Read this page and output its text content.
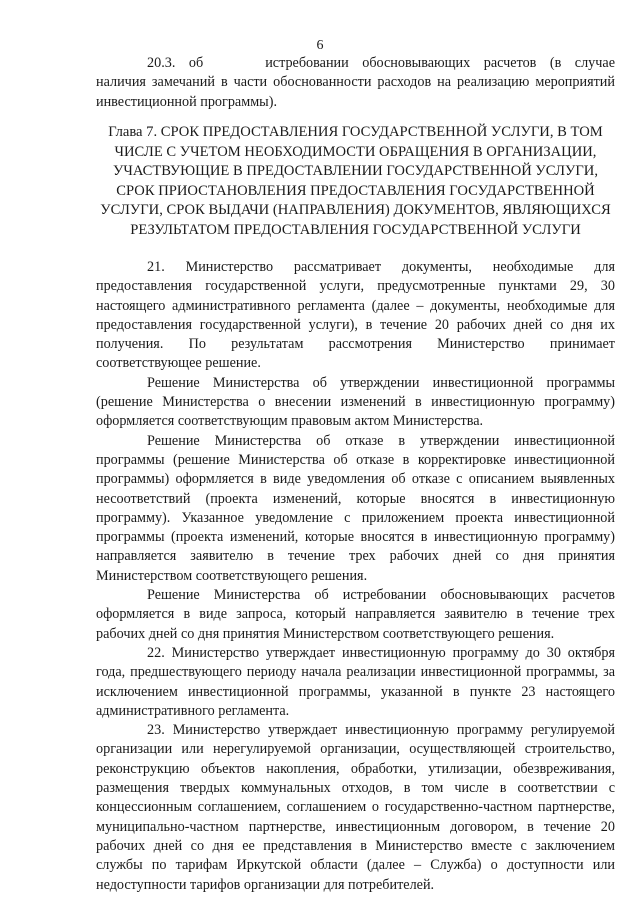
6

20.3. об	истребовании обосновывающих расчетов (в случае наличия замечаний в части обоснованности расходов на реализацию мероприятий инвестиционной программы).

Глава 7. СРОК ПРЕДОСТАВЛЕНИЯ ГОСУДАРСТВЕННОЙ УСЛУГИ, В ТОМ ЧИСЛЕ С УЧЕТОМ НЕОБХОДИМОСТИ ОБРАЩЕНИЯ В ОРГАНИЗАЦИИ, УЧАСТВУЮЩИЕ В ПРЕДОСТАВЛЕНИИ ГОСУДАРСТВЕННОЙ УСЛУГИ, СРОК ПРИОСТАНОВЛЕНИЯ ПРЕДОСТАВЛЕНИЯ ГОСУДАРСТВЕННОЙ УСЛУГИ, СРОК ВЫДАЧИ (НАПРАВЛЕНИЯ) ДОКУМЕНТОВ, ЯВЛЯЮЩИХСЯ РЕЗУЛЬТАТОМ ПРЕДОСТАВЛЕНИЯ ГОСУДАРСТВЕННОЙ УСЛУГИ

21. Министерство рассматривает документы, необходимые для предоставления государственной услуги, предусмотренные пунктами 29, 30 настоящего административного регламента (далее – документы, необходимые для предоставления государственной услуги), в течение 20 рабочих дней со дня их получения. По результатам рассмотрения Министерство принимает соответствующее решение.

Решение Министерства об утверждении инвестиционной программы (решение Министерства о внесении изменений в инвестиционную программу) оформляется соответствующим правовым актом Министерства.

Решение Министерства об отказе в утверждении инвестиционной программы (решение Министерства об отказе в корректировке инвестиционной программы) оформляется в виде уведомления об отказе с описанием выявленных несоответствий (проекта изменений, которые вносятся в инвестиционную программу). Указанное уведомление с приложением проекта инвестиционной программы (проекта изменений, которые вносятся в инвестиционную программу) направляется заявителю в течение трех рабочих дней со дня принятия Министерством соответствующего решения.

Решение Министерства об истребовании обосновывающих расчетов оформляется в виде запроса, который направляется заявителю в течение трех рабочих дней со дня принятия Министерством соответствующего решения.

22. Министерство утверждает инвестиционную программу до 30 октября года, предшествующего периоду начала реализации инвестиционной программы, за исключением инвестиционной программы, указанной в пункте 23 настоящего административного регламента.

23. Министерство утверждает инвестиционную программу регулируемой организации или нерегулируемой организации, осуществляющей строительство, реконструкцию объектов накопления, обработки, утилизации, обезвреживания, размещения твердых коммунальных отходов, в том числе в соответствии с концессионным соглашением, соглашением о государственно-частном партнерстве, муниципально-частном партнерстве, инвестиционным договором, в течение 20 рабочих дней со дня ее представления в Министерство вместе с заключением службы по тарифам Иркутской области (далее – Служба) о доступности или недоступности тарифов организации для потребителей.
